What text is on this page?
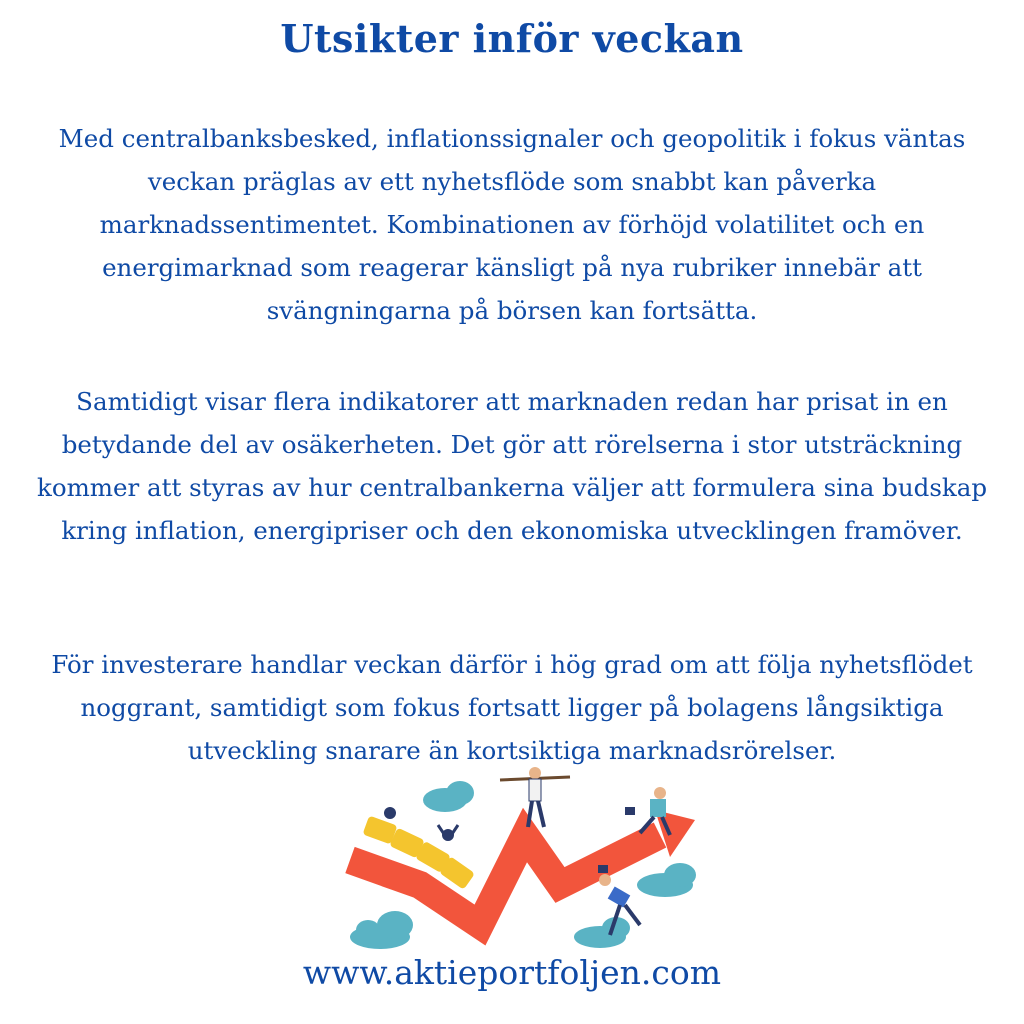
Utsikter inför veckan
Med centralbanksbesked, inflationssignaler och geopolitik i fokus väntas veckan präglas av ett nyhetsflöde som snabbt kan påverka marknadssentimentet. Kombinationen av förhöjd volatilitet och en energimarknad som reagerar känsligt på nya rubriker innebär att svängningarna på börsen kan fortsätta.
Samtidigt visar flera indikatorer att marknaden redan har prisat in en betydande del av osäkerheten. Det gör att rörelserna i stor utsträckning kommer att styras av hur centralbankerna väljer att formulera sina budskap kring inflation, energipriser och den ekonomiska utvecklingen framöver.
För investerare handlar veckan därför i hög grad om att följa nyhetsflödet noggrant, samtidigt som fokus fortsatt ligger på bolagens långsiktiga utveckling snarare än kortsiktiga marknadsrörelser.
www.aktieportfoljen.com
